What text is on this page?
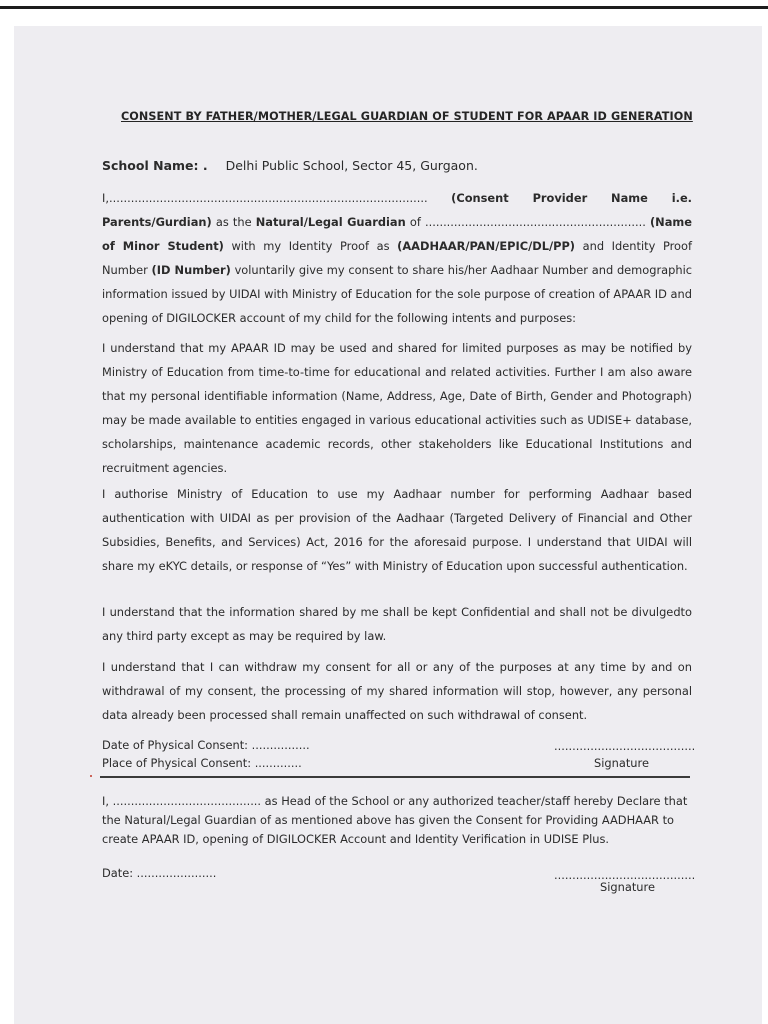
CONSENT BY FATHER/MOTHER/LEGAL GUARDIAN OF STUDENT FOR APAAR ID GENERATION
School Name: . Delhi Public School, Sector 45, Gurgaon.
I,........................................................................................ (Consent Provider Name i.e. Parents/Gurdian) as the Natural/Legal Guardian of ............................................................. (Name of Minor Student) with my Identity Proof as (AADHAAR/PAN/EPIC/DL/PP) and Identity Proof Number (ID Number) voluntarily give my consent to share his/her Aadhaar Number and demographic information issued by UIDAI with Ministry of Education for the sole purpose of creation of APAAR ID and opening of DIGILOCKER account of my child for the following intents and purposes:
I understand that my APAAR ID may be used and shared for limited purposes as may be notified by Ministry of Education from time-to-time for educational and related activities. Further I am also aware that my personal identifiable information (Name, Address, Age, Date of Birth, Gender and Photograph) may be made available to entities engaged in various educational activities such as UDISE+ database, scholarships, maintenance academic records, other stakeholders like Educational Institutions and recruitment agencies.
I authorise Ministry of Education to use my Aadhaar number for performing Aadhaar based authentication with UIDAI as per provision of the Aadhaar (Targeted Delivery of Financial and Other Subsidies, Benefits, and Services) Act, 2016 for the aforesaid purpose. I understand that UIDAI will share my eKYC details, or response of “Yes” with Ministry of Education upon successful authentication.
I understand that the information shared by me shall be kept Confidential and shall not be divulgedto any third party except as may be required by law.
I understand that I can withdraw my consent for all or any of the purposes at any time by and on withdrawal of my consent, the processing of my shared information will stop, however, any personal data already been processed shall remain unaffected on such withdrawal of consent.
Date of Physical Consent: ................
Place of Physical Consent: .............
.......................................
Signature
I, ......................................... as Head of the School or any authorized teacher/staff hereby Declare that the Natural/Legal Guardian of as mentioned above has given the Consent for Providing AADHAAR to create APAAR ID, opening of DIGILOCKER Account and Identity Verification in UDISE Plus.
Date: ......................	.......................................
Signature
